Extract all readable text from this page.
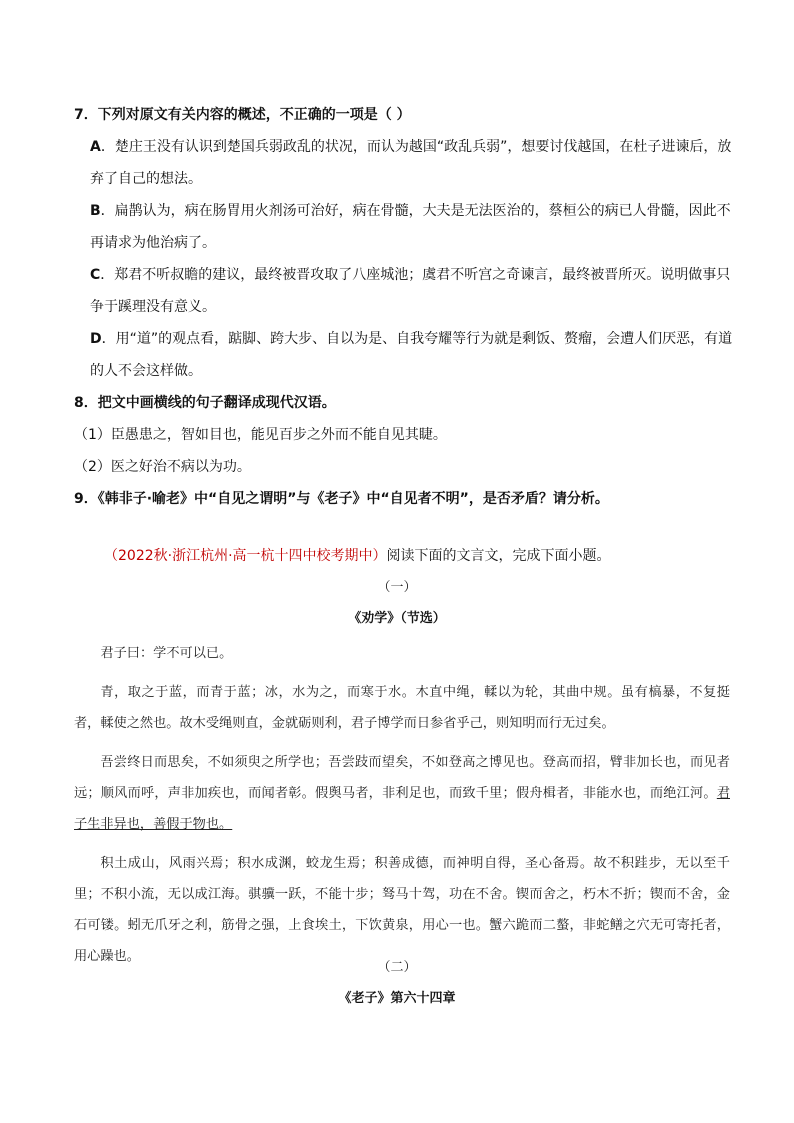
7．下列对原文有关内容的概述，不正确的一项是（ ）

A．楚庄王没有认识到楚国兵弱政乱的状况，而认为越国“政乱兵弱”，想要讨伐越国，在杜子进谏后，放弃了自己的想法。

B．扁鹊认为，病在肠胃用火剂汤可治好，病在骨髓，大夫是无法医治的，蔡桓公的病已人骨髓，因此不再请求为他治病了。

C．郑君不听叔瞻的建议，最终被晋攻取了八座城池；虞君不听宫之奇谏言，最终被晋所灭。说明做事只争于蹊理没有意义。

D．用“道”的观点看，踮脚、跨大步、自以为是、自我夸耀等行为就是剩饭、赘瘤，会遭人们厌恶，有道的人不会这样做。

8．把文中画横线的句子翻译成现代汉语。

（1）臣愚患之，智如目也，能见百步之外而不能自见其睫。

（2）医之好治不病以为功。

9．《韩非子·喻老》中“自见之谓明”与《老子》中“自见者不明”，是否矛盾？请分析。

（2022秋·浙江杭州·高一杭十四中校考期中）阅读下面的文言文，完成下面小题。
（一）
《劝学》（节选）

君子曰：学不可以已。

青，取之于蓝，而青于蓝；冰，水为之，而寒于水。木直中绳，輮以为轮，其曲中规。虽有槁暴，不复挺者，輮使之然也。故木受绳则直，金就砺则利，君子博学而日参省乎己，则知明而行无过矣。

吾尝终日而思矣，不如须臾之所学也；吾尝跂而望矣，不如登高之博见也。登高而招，臂非加长也，而见者远；顺风而呼，声非加疾也，而闻者彰。假舆马者，非利足也，而致千里；假舟楫者，非能水也，而绝江河。君子生非异也，善假于物也。

积土成山，风雨兴焉；积水成渊，蛟龙生焉；积善成德，而神明自得，圣心备焉。故不积跬步，无以至千里；不积小流，无以成江海。骐骥一跃，不能十步；驽马十驾，功在不舍。锲而舍之，朽木不折；锲而不舍，金石可镂。蚓无爪牙之利，筋骨之强，上食埃土，下饮黄泉，用心一也。蟹六跪而二螯，非蛇鳝之穴无可寄托者，用心躁也。

（二）
《老子》第六十四章
